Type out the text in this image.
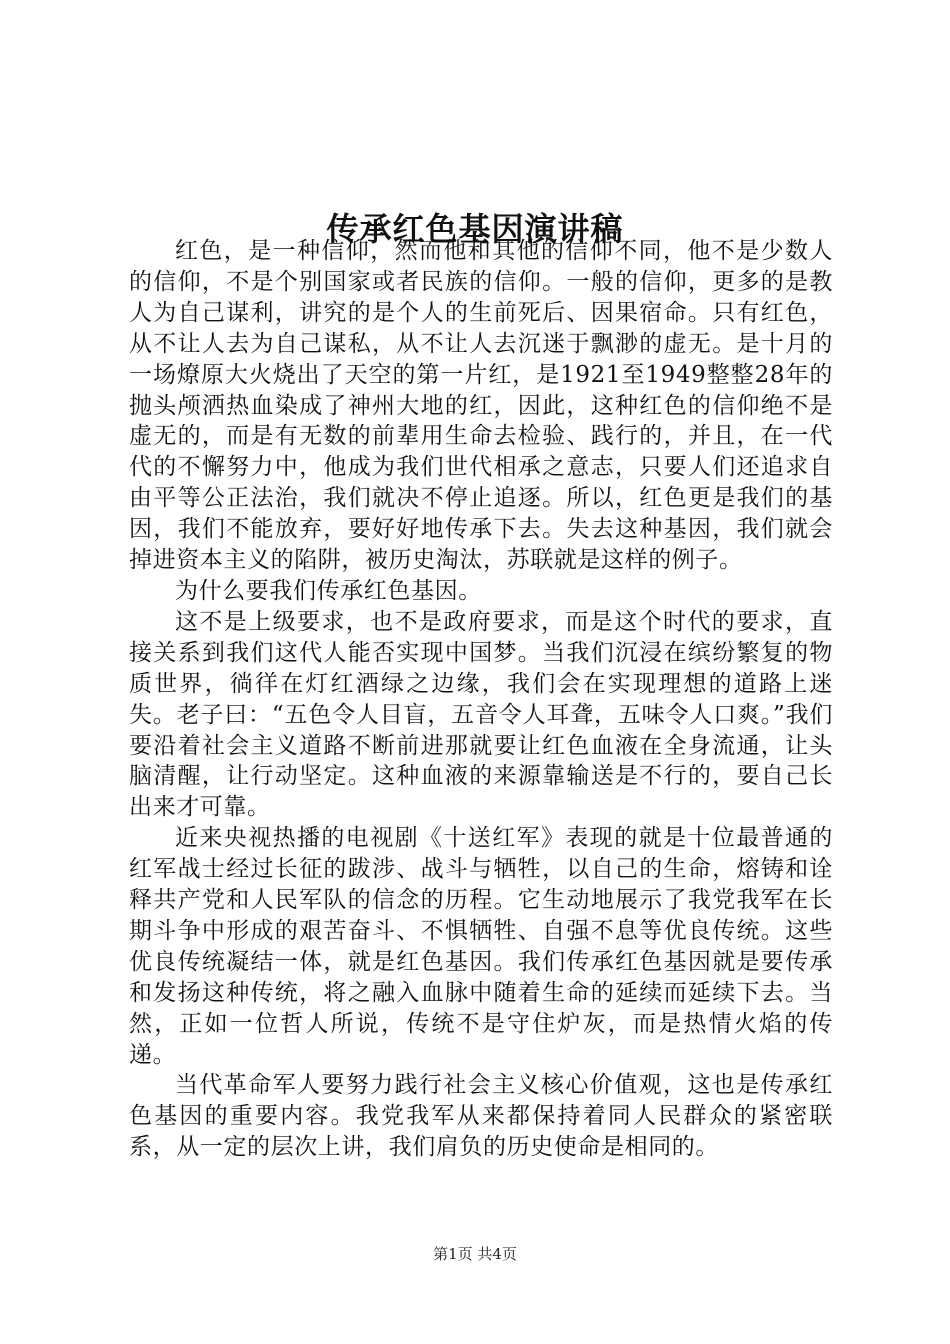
传承红色基因演讲稿

红色，是一种信仰，然而他和其他的信仰不同，他不是少数人的信仰，不是个别国家或者民族的信仰。一般的信仰，更多的是教人为自己谋利，讲究的是个人的生前死后、因果宿命。只有红色，从不让人去为自己谋私，从不让人去沉迷于飘渺的虚无。是十月的一场燎原大火烧出了天空的第一片红，是1921至1949整整28年的抛头颅洒热血染成了神州大地的红，因此，这种红色的信仰绝不是虚无的，而是有无数的前辈用生命去检验、践行的，并且，在一代代的不懈努力中，他成为我们世代相承之意志，只要人们还追求自由平等公正法治，我们就决不停止追逐。所以，红色更是我们的基因，我们不能放弃，要好好地传承下去。失去这种基因，我们就会掉进资本主义的陷阱，被历史淘汰，苏联就是这样的例子。

为什么要我们传承红色基因。

这不是上级要求，也不是政府要求，而是这个时代的要求，直接关系到我们这代人能否实现中国梦。当我们沉浸在缤纷繁复的物质世界，徜徉在灯红酒绿之边缘，我们会在实现理想的道路上迷失。老子曰：“五色令人目盲，五音令人耳聋，五味令人口爽。”我们要沿着社会主义道路不断前进那就要让红色血液在全身流通，让头脑清醒，让行动坚定。这种血液的来源靠输送是不行的，要自己长出来才可靠。

近来央视热播的电视剧《十送红军》表现的就是十位最普通的红军战士经过长征的跋涉、战斗与牺牲，以自己的生命，熔铸和诠释共产党和人民军队的信念的历程。它生动地展示了我党我军在长期斗争中形成的艰苦奋斗、不惧牺牲、自强不息等优良传统。这些优良传统凝结一体，就是红色基因。我们传承红色基因就是要传承和发扬这种传统，将之融入血脉中随着生命的延续而延续下去。当然，正如一位哲人所说，传统不是守住炉灰，而是热情火焰的传递。

当代革命军人要努力践行社会主义核心价值观，这也是传承红色基因的重要内容。我党我军从来都保持着同人民群众的紧密联系，从一定的层次上讲，我们肩负的历史使命是相同的。

第1页 共4页
